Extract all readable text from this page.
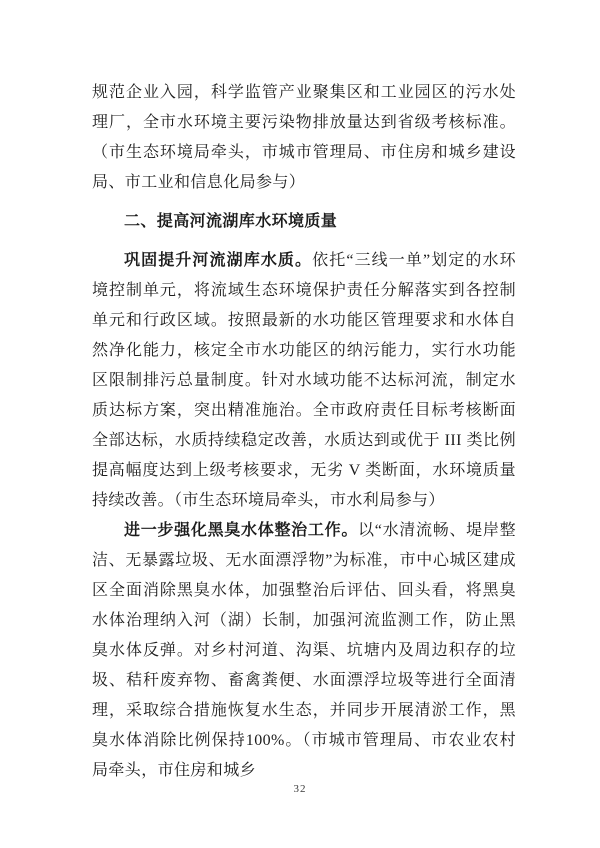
规范企业入园，科学监管产业聚集区和工业园区的污水处理厂，全市水环境主要污染物排放量达到省级考核标准。（市生态环境局牵头，市城市管理局、市住房和城乡建设局、市工业和信息化局参与）

二、提高河流湖库水环境质量

巩固提升河流湖库水质。依托“三线一单”划定的水环境控制单元，将流域生态环境保护责任分解落实到各控制单元和行政区域。按照最新的水功能区管理要求和水体自然净化能力，核定全市水功能区的纳污能力，实行水功能区限制排污总量制度。针对水域功能不达标河流，制定水质达标方案，突出精准施治。全市政府责任目标考核断面全部达标，水质持续稳定改善，水质达到或优于 III 类比例提高幅度达到上级考核要求，无劣 V 类断面，水环境质量持续改善。（市生态环境局牵头，市水利局参与）

进一步强化黑臭水体整治工作。以“水清流畅、堤岸整洁、无暴露垃圾、无水面漂浮物”为标准，市中心城区建成区全面消除黑臭水体，加强整治后评估、回头看，将黑臭水体治理纳入河（湖）长制，加强河流监测工作，防止黑臭水体反弹。对乡村河道、沟渠、坑塘内及周边积存的垃圾、秸秆废弃物、畜禽粪便、水面漂浮垃圾等进行全面清理，采取综合措施恢复水生态，并同步开展清淤工作，黑臭水体消除比例保持100%。（市城市管理局、市农业农村局牵头，市住房和城乡

32
